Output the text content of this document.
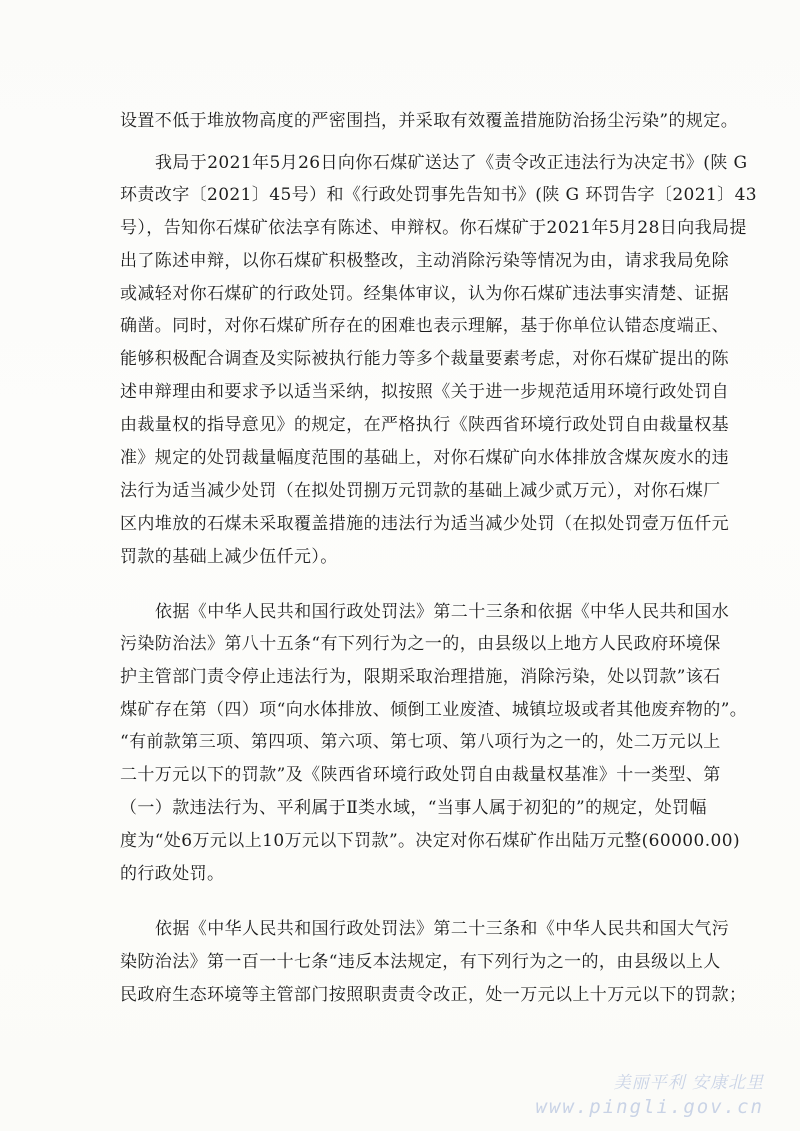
设置不低于堆放物高度的严密围挡，并采取有效覆盖措施防治扬尘污染”的规定。
我局于2021年5月26日向你石煤矿送达了《责令改正违法行为决定书》(陕 G
环责改字〔2021〕45号）和《行政处罚事先告知书》(陕 G 环罚告字〔2021〕43
号），告知你石煤矿依法享有陈述、申辩权。你石煤矿于2021年5月28日向我局提
出了陈述申辩，以你石煤矿积极整改，主动消除污染等情况为由，请求我局免除
或减轻对你石煤矿的行政处罚。经集体审议，认为你石煤矿违法事实清楚、证据
确凿。同时，对你石煤矿所存在的困难也表示理解，基于你单位认错态度端正、
能够积极配合调查及实际被执行能力等多个裁量要素考虑，对你石煤矿提出的陈
述申辩理由和要求予以适当采纳，拟按照《关于进一步规范适用环境行政处罚自
由裁量权的指导意见》的规定，在严格执行《陕西省环境行政处罚自由裁量权基
准》规定的处罚裁量幅度范围的基础上，对你石煤矿向水体排放含煤灰废水的违
法行为适当减少处罚（在拟处罚捌万元罚款的基础上减少贰万元），对你石煤厂
区内堆放的石煤未采取覆盖措施的违法行为适当减少处罚（在拟处罚壹万伍仟元
罚款的基础上减少伍仟元）。
依据《中华人民共和国行政处罚法》第二十三条和依据《中华人民共和国水
污染防治法》第八十五条“有下列行为之一的，由县级以上地方人民政府环境保
护主管部门责令停止违法行为，限期采取治理措施，消除污染，处以罚款”该石
煤矿存在第（四）项“向水体排放、倾倒工业废渣、城镇垃圾或者其他废弃物的”。
“有前款第三项、第四项、第六项、第七项、第八项行为之一的，处二万元以上
二十万元以下的罚款”及《陕西省环境行政处罚自由裁量权基准》十一类型、第
（一）款违法行为、平利属于Ⅱ类水域，“当事人属于初犯的”的规定，处罚幅
度为“处6万元以上10万元以下罚款”。决定对你石煤矿作出陆万元整(60000.00)
的行政处罚。
依据《中华人民共和国行政处罚法》第二十三条和《中华人民共和国大气污
染防治法》第一百一十七条“违反本法规定，有下列行为之一的，由县级以上人
民政府生态环境等主管部门按照职责责令改正，处一万元以上十万元以下的罚款；
美丽平利 安康北里
www.pingli.gov.cn
